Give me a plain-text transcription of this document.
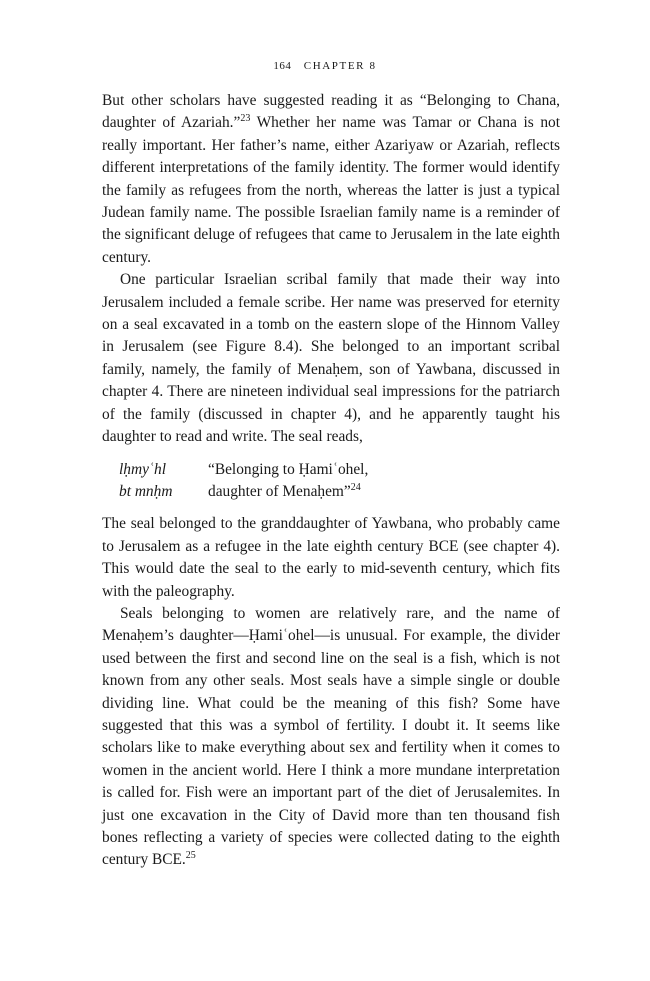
164 CHAPTER 8

But other scholars have suggested reading it as “Belonging to Chana, daughter of Azariah.”$^{23}$ Whether her name was Tamar or Chana is not really important. Her father’s name, either Azariyaw or Azariah, reflects different interpretations of the family identity. The former would identify the family as refugees from the north, whereas the latter is just a typical Judean family name. The possible Israelian family name is a reminder of the significant deluge of refugees that came to Jerusalem in the late eighth century.

One particular Israelian scribal family that made their way into Jerusalem included a female scribe. Her name was preserved for eternity on a seal excavated in a tomb on the eastern slope of the Hinnom Valley in Jerusalem (see Figure 8.4). She belonged to an important scribal family, namely, the family of Menaḥem, son of Yawbana, discussed in chapter 4. There are nineteen individual seal impressions for the patriarch of the family (discussed in chapter 4), and he apparently taught his daughter to read and write. The seal reads,

lḥmyʿhl	“Belonging to Ḥamiʿohel,
bt mnḥm	daughter of Menaḥem”$^{24}$

The seal belonged to the granddaughter of Yawbana, who probably came to Jerusalem as a refugee in the late eighth century BCE (see chapter 4). This would date the seal to the early to mid-seventh century, which fits with the paleography.

Seals belonging to women are relatively rare, and the name of Menaḥem’s daughter—Ḥamiʿohel—is unusual. For example, the divider used between the first and second line on the seal is a fish, which is not known from any other seals. Most seals have a simple single or double dividing line. What could be the meaning of this fish? Some have suggested that this was a symbol of fertility. I doubt it. It seems like scholars like to make everything about sex and fertility when it comes to women in the ancient world. Here I think a more mundane interpretation is called for. Fish were an important part of the diet of Jerusalemites. In just one excavation in the City of David more than ten thousand fish bones reflecting a variety of species were collected dating to the eighth century BCE.$^{25}$
